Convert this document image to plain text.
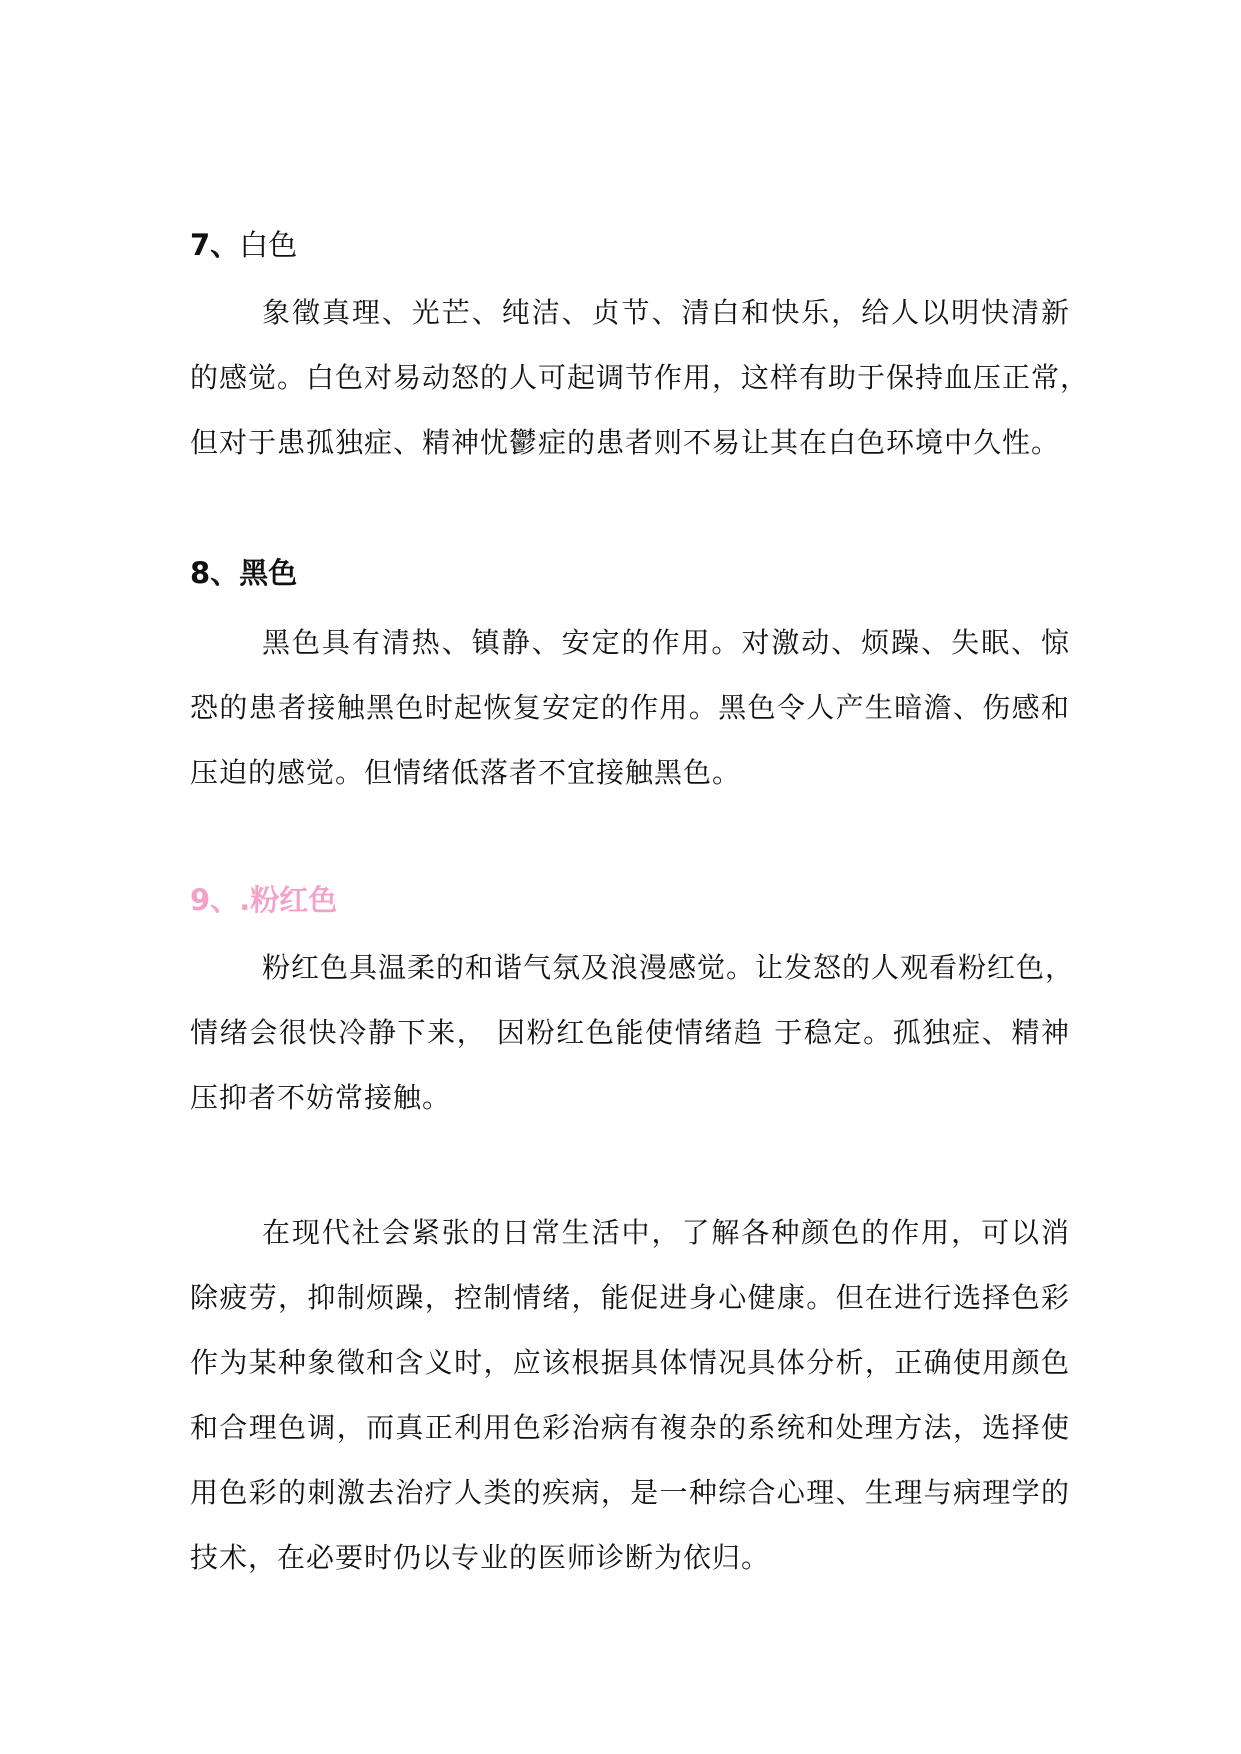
7、白色
象徵真理、光芒、纯洁、贞节、清白和快乐，给人以明快清新
的感觉。白色对易动怒的人可起调节作用，这样有助于保持血压正常，
但对于患孤独症、精神忧鬱症的患者则不易让其在白色环境中久性。
8、黑色
黑色具有清热、镇静、安定的作用。对激动、烦躁、失眠、惊
恐的患者接触黑色时起恢复安定的作用。黑色令人产生暗澹、伤感和
压迫的感觉。但情绪低落者不宜接触黑色。
9、.粉红色
粉红色具温柔的和谐气氛及浪漫感觉。让发怒的人观看粉红色，
情绪会很快冷静下来， 因粉红色能使情绪趋 于稳定。孤独症、精神
压抑者不妨常接触。
在现代社会紧张的日常生活中，了解各种颜色的作用，可以消
除疲劳，抑制烦躁，控制情绪，能促进身心健康。但在进行选择色彩
作为某种象徵和含义时，应该根据具体情况具体分析，正确使用颜色
和合理色调，而真正利用色彩治病有複杂的系统和处理方法，选择使
用色彩的刺激去治疗人类的疾病，是一种综合心理、生理与病理学的
技术，在必要时仍以专业的医师诊断为依归。
